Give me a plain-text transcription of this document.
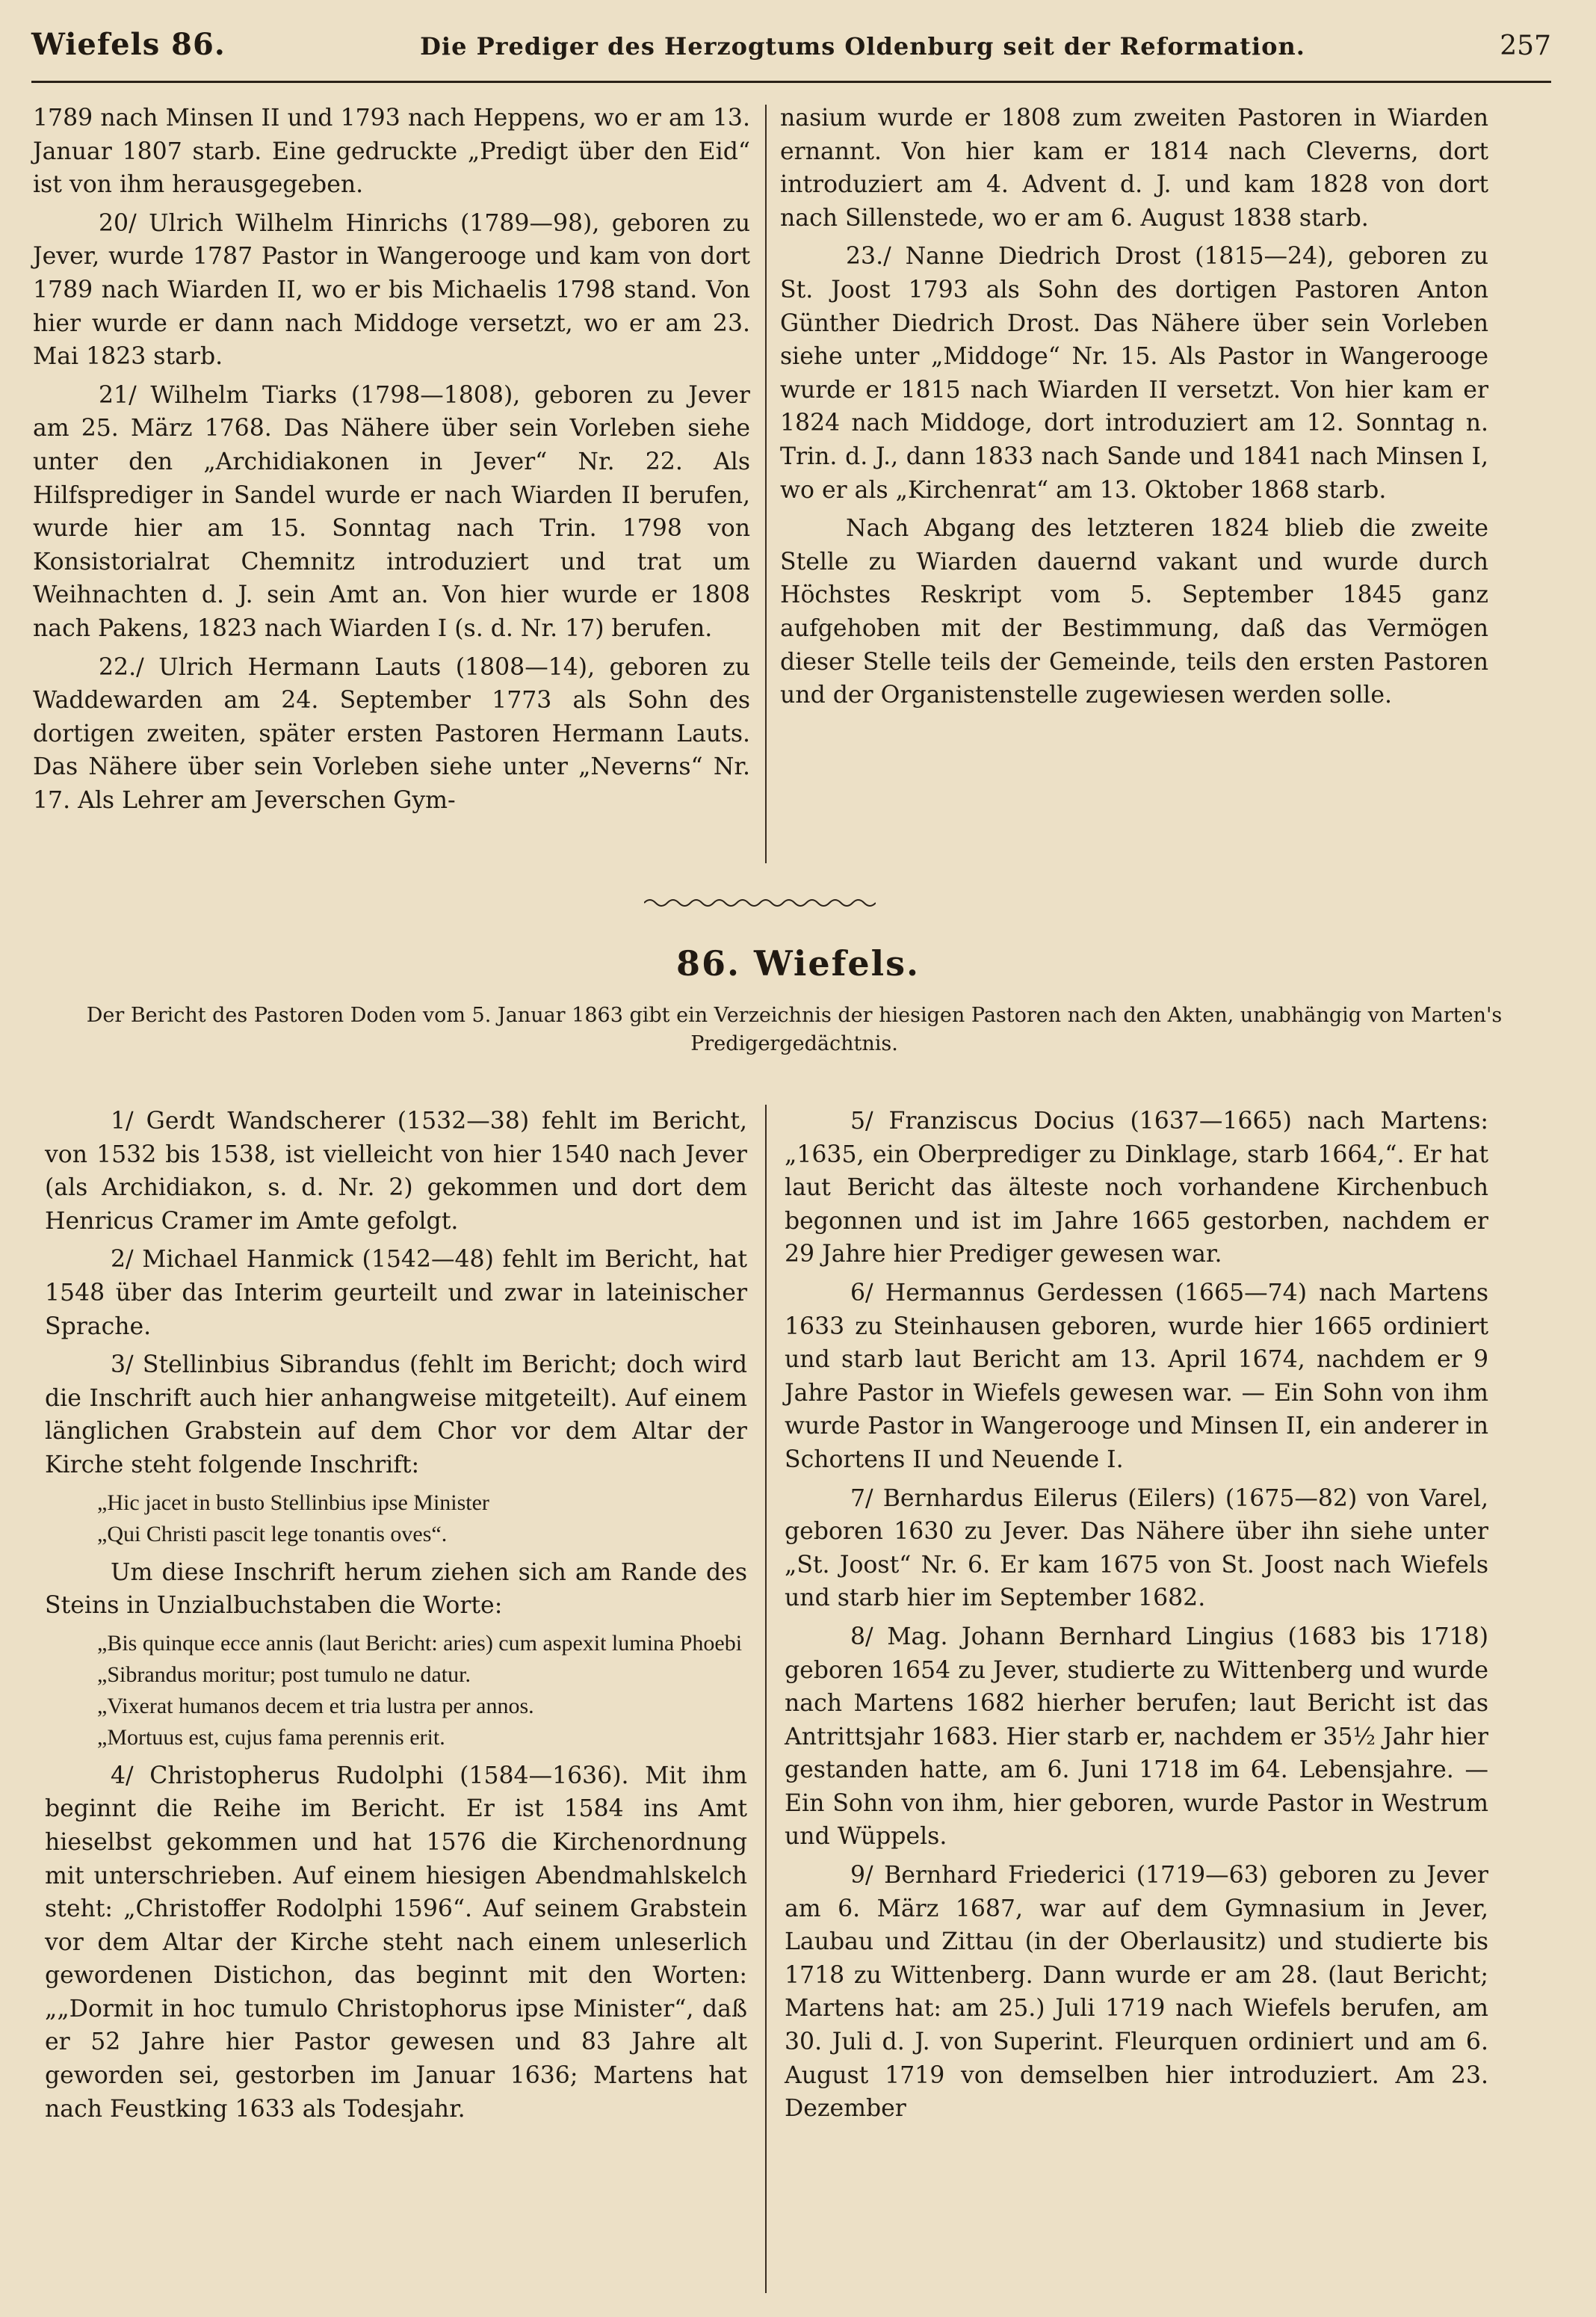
Wiefels 86.	Die Prediger des Herzogtums Oldenburg seit der Reformation.	257

1789 nach Minsen II und 1793 nach Heppens, wo er am 13. Januar 1807 starb. Eine gedruckte „Predigt über den Eid“ ist von ihm herausgegeben.

20/ Ulrich Wilhelm Hinrichs (1789—98), geboren zu Jever, wurde 1787 Pastor in Wangerooge und kam von dort 1789 nach Wiarden II, wo er bis Michaelis 1798 stand. Von hier wurde er dann nach Middoge versetzt, wo er am 23. Mai 1823 starb.

21/ Wilhelm Tiarks (1798—1808), geboren zu Jever am 25. März 1768. Das Nähere über sein Vorleben siehe unter den „Archidiakonen in Jever“ Nr. 22. Als Hilfsprediger in Sandel wurde er nach Wiarden II berufen, wurde hier am 15. Sonntag nach Trin. 1798 von Konsistorialrat Chemnitz introduziert und trat um Weihnachten d. J. sein Amt an. Von hier wurde er 1808 nach Pakens, 1823 nach Wiarden I (s. d. Nr. 17) berufen.

22./ Ulrich Hermann Lauts (1808—14), geboren zu Waddewarden am 24. September 1773 als Sohn des dortigen zweiten, später ersten Pastoren Hermann Lauts. Das Nähere über sein Vorleben siehe unter „Neverns“ Nr. 17. Als Lehrer am Jeverschen Gym-

nasium wurde er 1808 zum zweiten Pastoren in Wiarden ernannt. Von hier kam er 1814 nach Cleverns, dort introduziert am 4. Advent d. J. und kam 1828 von dort nach Sillenstede, wo er am 6. August 1838 starb.

23./ Nanne Diedrich Drost (1815—24), geboren zu St. Joost 1793 als Sohn des dortigen Pastoren Anton Günther Diedrich Drost. Das Nähere über sein Vorleben siehe unter „Middoge“ Nr. 15. Als Pastor in Wangerooge wurde er 1815 nach Wiarden II versetzt. Von hier kam er 1824 nach Middoge, dort introduziert am 12. Sonntag n. Trin. d. J., dann 1833 nach Sande und 1841 nach Minsen I, wo er als „Kirchenrat“ am 13. Oktober 1868 starb.

Nach Abgang des letzteren 1824 blieb die zweite Stelle zu Wiarden dauernd vakant und wurde durch Höchstes Reskript vom 5. September 1845 ganz aufgehoben mit der Bestimmung, daß das Vermögen dieser Stelle teils der Gemeinde, teils den ersten Pastoren und der Organistenstelle zugewiesen werden solle.

86. Wiefels.
Der Bericht des Pastoren Doden vom 5. Januar 1863 gibt ein Verzeichnis der hiesigen Pastoren nach den Akten, unabhängig von Marten's Predigergedächtnis.

1/ Gerdt Wandscherer (1532—38) fehlt im Bericht, von 1532 bis 1538, ist vielleicht von hier 1540 nach Jever (als Archidiakon, s. d. Nr. 2) gekommen und dort dem Henricus Cramer im Amte gefolgt.

2/ Michael Hanmick (1542—48) fehlt im Bericht, hat 1548 über das Interim geurteilt und zwar in lateinischer Sprache.

3/ Stellinbius Sibrandus (fehlt im Bericht; doch wird die Inschrift auch hier anhangweise mitgeteilt). Auf einem länglichen Grabstein auf dem Chor vor dem Altar der Kirche steht folgende Inschrift:

„Hic jacet in busto Stellinbius ipse Minister

„Qui Christi pascit lege tonantis oves“.

Um diese Inschrift herum ziehen sich am Rande des Steins in Unzialbuchstaben die Worte:

„Bis quinque ecce annis (laut Bericht: aries) cum aspexit lumina Phoebi

„Sibrandus moritur; post tumulo ne datur.

„Vixerat humanos decem et tria lustra per annos.

„Mortuus est, cujus fama perennis erit.

4/ Christopherus Rudolphi (1584—1636). Mit ihm beginnt die Reihe im Bericht. Er ist 1584 ins Amt hieselbst gekommen und hat 1576 die Kirchenordnung mit unterschrieben. Auf einem hiesigen Abendmahlskelch steht: „Christoffer Rodolphi 1596“. Auf seinem Grabstein vor dem Altar der Kirche steht nach einem unleserlich gewordenen Distichon, das beginnt mit den Worten: „„Dormit in hoc tumulo Christophorus ipse Minister“, daß er 52 Jahre hier Pastor gewesen und 83 Jahre alt geworden sei, gestorben im Januar 1636; Martens hat nach Feustking 1633 als Todesjahr.

5/ Franziscus Docius (1637—1665) nach Martens: „1635, ein Oberprediger zu Dinklage, starb 1664,“. Er hat laut Bericht das älteste noch vorhandene Kirchenbuch begonnen und ist im Jahre 1665 gestorben, nachdem er 29 Jahre hier Prediger gewesen war.

6/ Hermannus Gerdessen (1665—74) nach Martens 1633 zu Steinhausen geboren, wurde hier 1665 ordiniert und starb laut Bericht am 13. April 1674, nachdem er 9 Jahre Pastor in Wiefels gewesen war. — Ein Sohn von ihm wurde Pastor in Wangerooge und Minsen II, ein anderer in Schortens II und Neuende I.

7/ Bernhardus Eilerus (Eilers) (1675—82) von Varel, geboren 1630 zu Jever. Das Nähere über ihn siehe unter „St. Joost“ Nr. 6. Er kam 1675 von St. Joost nach Wiefels und starb hier im September 1682.

8/ Mag. Johann Bernhard Lingius (1683 bis 1718) geboren 1654 zu Jever, studierte zu Wittenberg und wurde nach Martens 1682 hierher berufen; laut Bericht ist das Antrittsjahr 1683. Hier starb er, nachdem er 35½ Jahr hier gestanden hatte, am 6. Juni 1718 im 64. Lebensjahre. — Ein Sohn von ihm, hier geboren, wurde Pastor in Westrum und Wüppels.

9/ Bernhard Friederici (1719—63) geboren zu Jever am 6. März 1687, war auf dem Gymnasium in Jever, Laubau und Zittau (in der Oberlausitz) und studierte bis 1718 zu Wittenberg. Dann wurde er am 28. (laut Bericht; Martens hat: am 25.) Juli 1719 nach Wiefels berufen, am 30. Juli d. J. von Superint. Fleurquen ordiniert und am 6. August 1719 von demselben hier introduziert. Am 23. Dezember
